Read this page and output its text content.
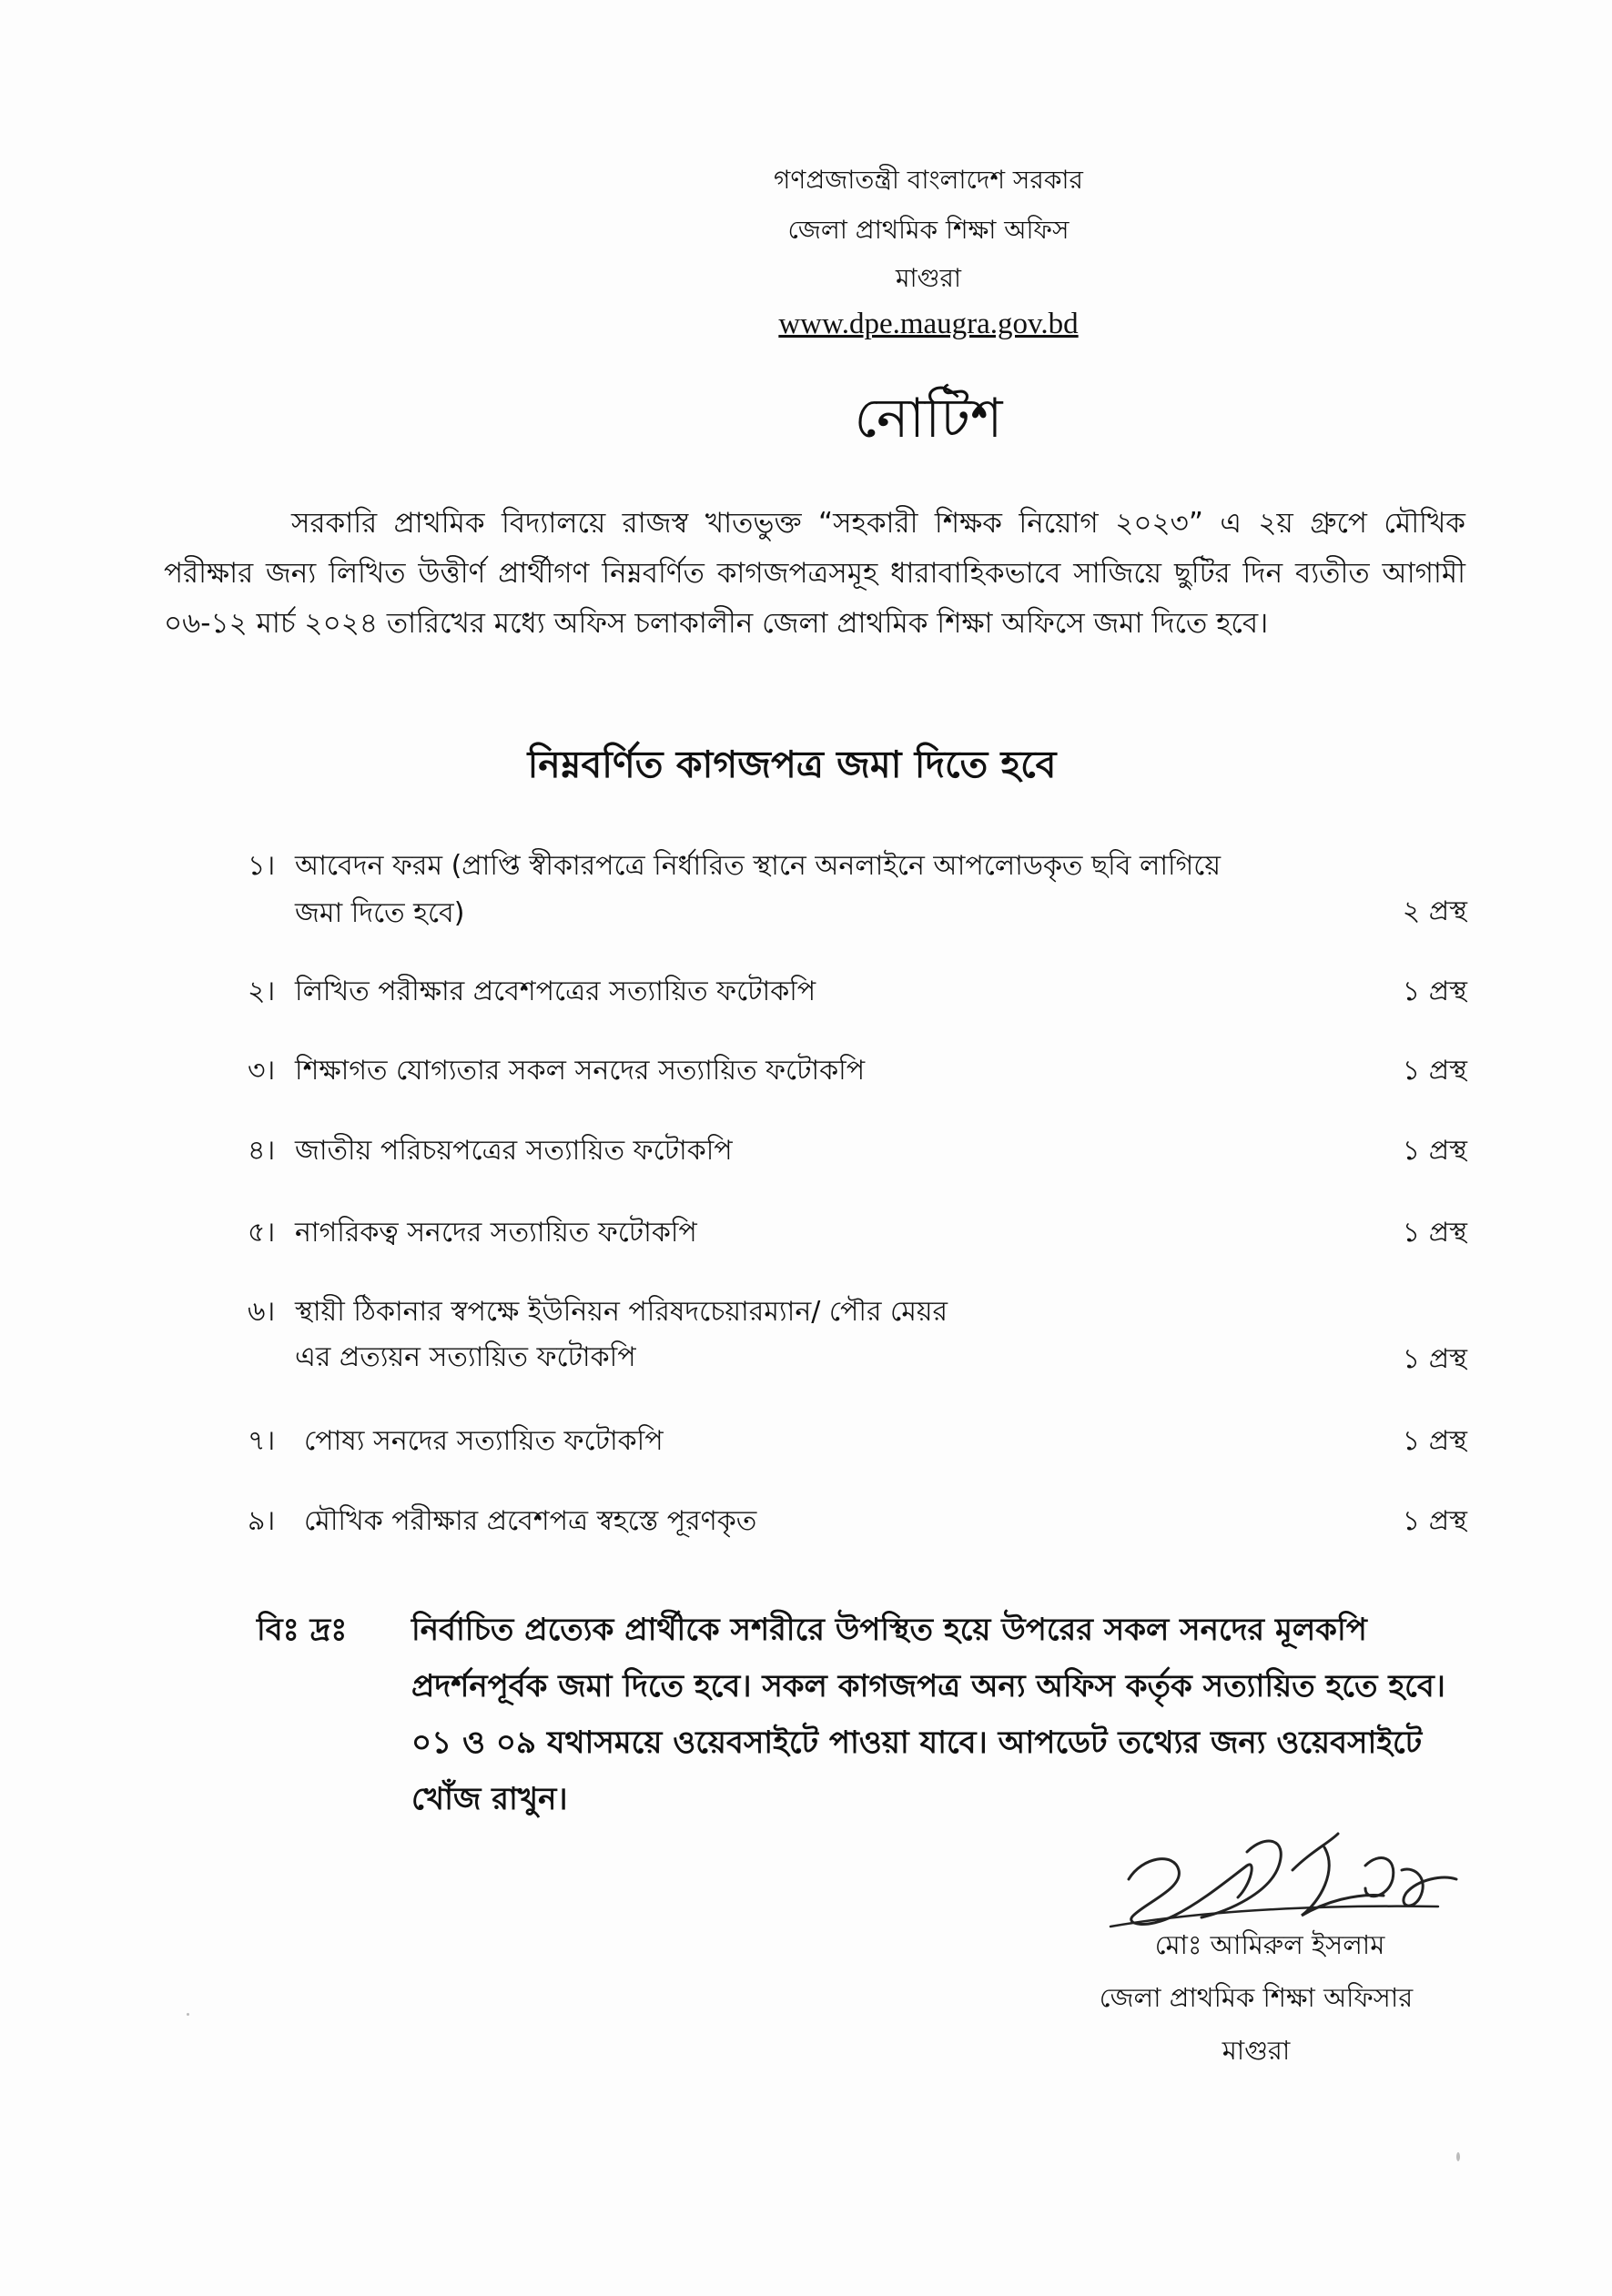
গণপ্রজাতন্ত্রী বাংলাদেশ সরকার
জেলা প্রাথমিক শিক্ষা অফিস
মাগুরা
www.dpe.maugra.gov.bd
নোটিশ
সরকারি প্রাথমিক বিদ্যালয়ে রাজস্ব খাতভুক্ত “সহকারী শিক্ষক নিয়োগ ২০২৩” এ ২য় গ্রুপে মৌখিক পরীক্ষার জন্য লিখিত উত্তীর্ণ প্রার্থীগণ নিম্নবর্ণিত কাগজপত্রসমূহ ধারাবাহিকভাবে সাজিয়ে ছুটির দিন ব্যতীত আগামী ০৬-১২ মার্চ ২০২৪ তারিখের মধ্যে অফিস চলাকালীন জেলা প্রাথমিক শিক্ষা অফিসে জমা দিতে হবে।
নিম্নবর্ণিত কাগজপত্র জমা দিতে হবে
১। আবেদন ফরম (প্রাপ্তি স্বীকারপত্রে নির্ধারিত স্থানে অনলাইনে আপলোডকৃত ছবি লাগিয়ে
জমা দিতে হবে)	২ প্রস্থ
২। লিখিত পরীক্ষার প্রবেশপত্রের সত্যায়িত ফটোকপি	১ প্রস্থ
৩। শিক্ষাগত যোগ্যতার সকল সনদের সত্যায়িত ফটোকপি	১ প্রস্থ
৪। জাতীয় পরিচয়পত্রের সত্যায়িত ফটোকপি	১ প্রস্থ
৫। নাগরিকত্ব সনদের সত্যায়িত ফটোকপি	১ প্রস্থ
৬। স্থায়ী ঠিকানার স্বপক্ষে ইউনিয়ন পরিষদচেয়ারম্যান/ পৌর মেয়র
এর প্রত্যয়ন সত্যায়িত ফটোকপি	১ প্রস্থ
৭। পোষ্য সনদের সত্যায়িত ফটোকপি	১ প্রস্থ
৯। মৌখিক পরীক্ষার প্রবেশপত্র স্বহস্তে পূরণকৃত	১ প্রস্থ
বিঃ দ্রঃ নির্বাচিত প্রত্যেক প্রার্থীকে সশরীরে উপস্থিত হয়ে উপরের সকল সনদের মূলকপি প্রদর্শনপূর্বক জমা দিতে হবে। সকল কাগজপত্র অন্য অফিস কর্তৃক সত্যায়িত হতে হবে। ০১ ও ০৯ যথাসময়ে ওয়েবসাইটে পাওয়া যাবে। আপডেট তথ্যের জন্য ওয়েবসাইটে খোঁজ রাখুন।
মোঃ আমিরুল ইসলাম
জেলা প্রাথমিক শিক্ষা অফিসার
মাগুরা
